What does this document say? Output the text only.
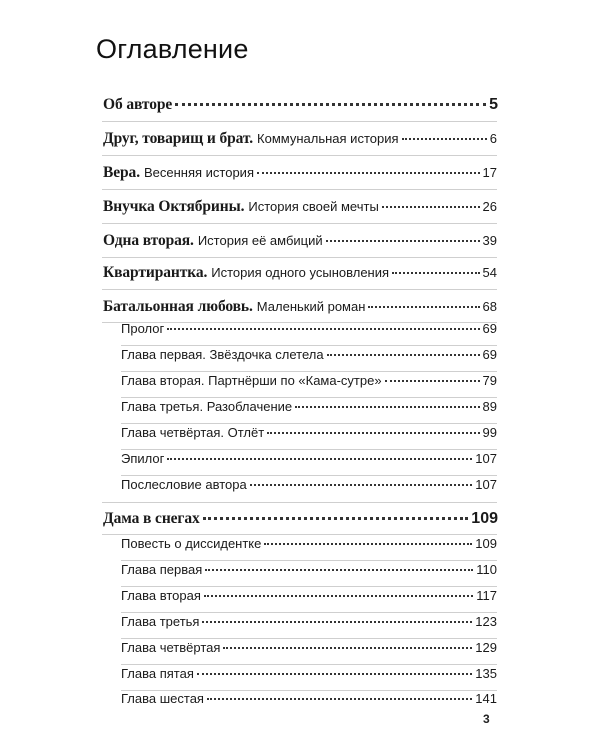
Оглавление
Об авторе	5
Друг, товарищ и брат. Коммунальная история	6
Вера. Весенняя история	17
Внучка Октябрины. История своей мечты	26
Одна вторая. История её амбиций	39
Квартирантка. История одного усыновления	54
Батальонная любовь. Маленький роман	68
Пролог	69
Глава первая. Звёздочка слетела	69
Глава вторая. Партнёрши по «Кама-сутре»	79
Глава третья. Разоблачение	89
Глава четвёртая. Отлёт	99
Эпилог	107
Послесловие автора	107
Дама в снегах	109
Повесть о диссидентке	109
Глава первая	110
Глава вторая	117
Глава третья	123
Глава четвёртая	129
Глава пятая	135
Глава шестая	141
3
